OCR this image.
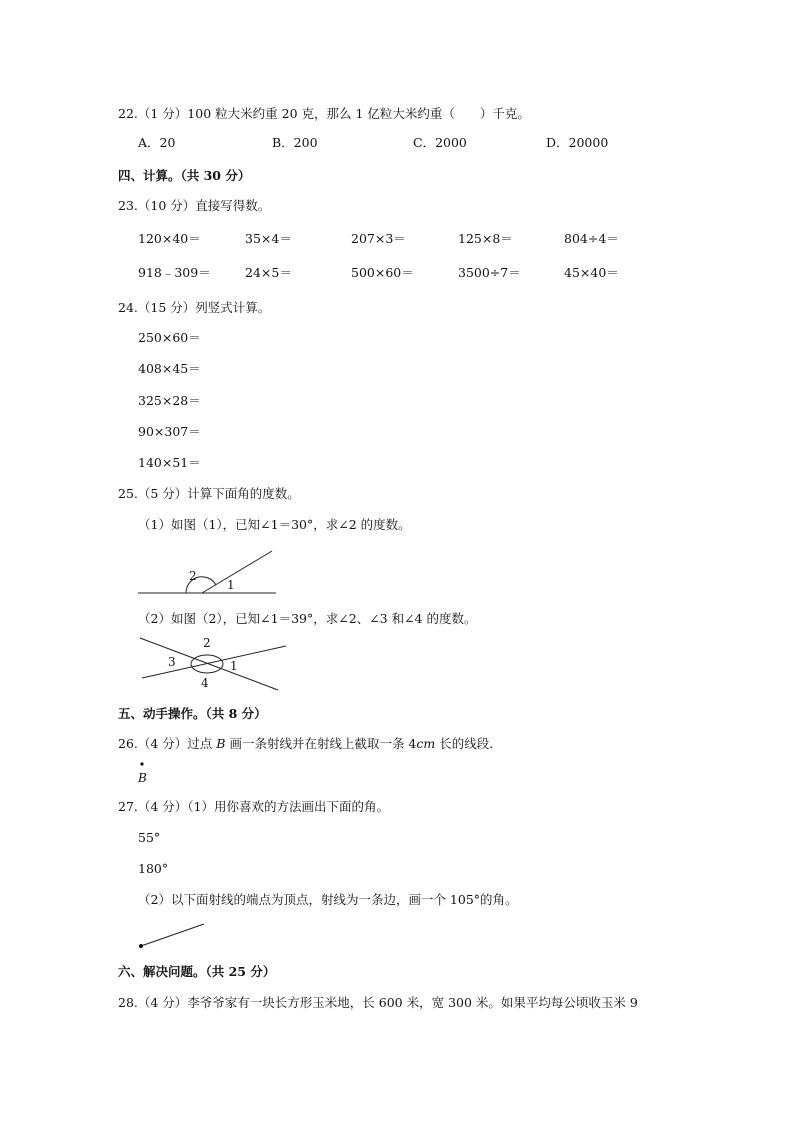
22.（1 分）100 粒大米约重 20 克，那么 1 亿粒大米约重（　　）千克。
A．20	B．200	C．2000	D．20000
四、计算。（共 30 分）
23.（10 分）直接写得数。
120×40＝	35×4＝	207×3＝	125×8＝	804÷4＝
918﹣309＝	24×5＝	500×60＝	3500÷7＝	45×40＝
24.（15 分）列竖式计算。
250×60＝
408×45＝
325×28＝
90×307＝
140×51＝
25.（5 分）计算下面角的度数。
（1）如图（1），已知∠1＝30°，求∠2 的度数。
2
1
（2）如图（2），已知∠1＝39°，求∠2、∠3 和∠4 的度数。
2
3	1
4
五、动手操作。（共 8 分）
26.（4 分）过点 B 画一条射线并在射线上截取一条 4cm 长的线段．
B
27.（4 分）（1）用你喜欢的方法画出下面的角。
55°
180°
（2）以下面射线的端点为顶点，射线为一条边，画一个 105°的角。
六、解决问题。（共 25 分）
28.（4 分）李爷爷家有一块长方形玉米地，长 600 米，宽 300 米。如果平均每公顷收玉米 9
